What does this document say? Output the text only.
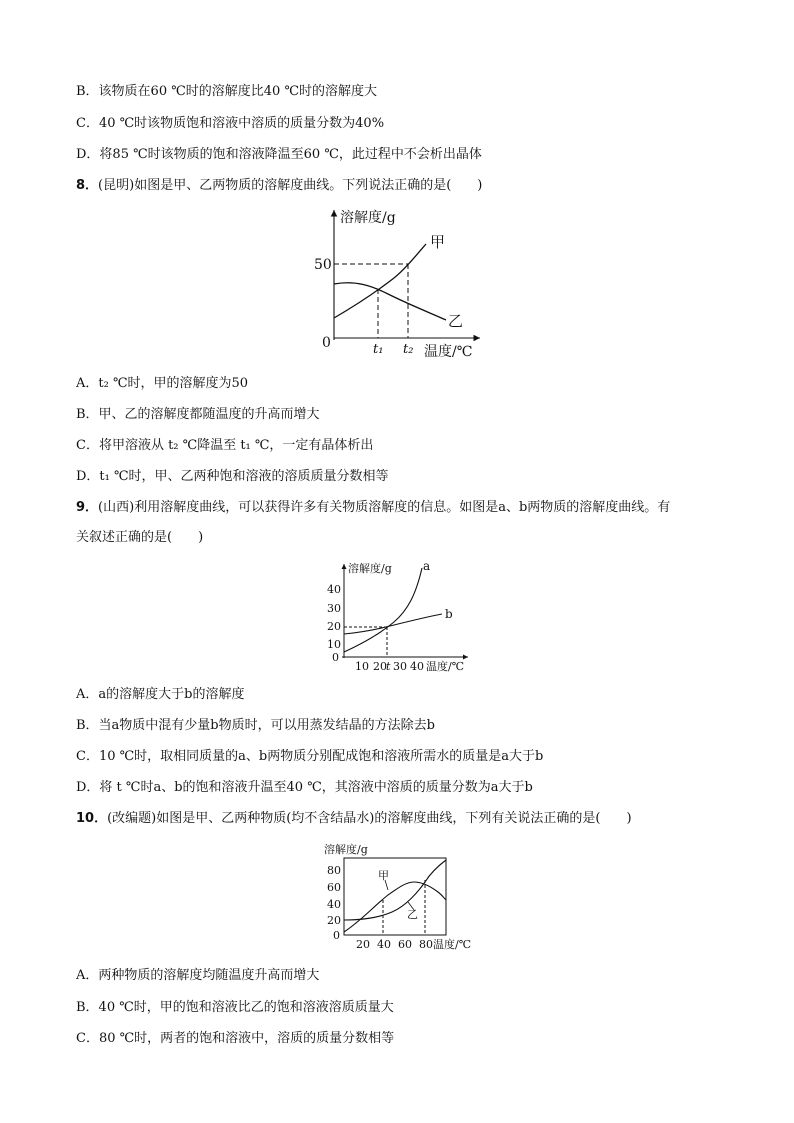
B．该物质在60 ℃时的溶解度比40 ℃时的溶解度大
C．40 ℃时该物质饱和溶液中溶质的质量分数为40%
D．将85 ℃时该物质的饱和溶液降温至60 ℃，此过程中不会析出晶体
8．(昆明)如图是甲、乙两物质的溶解度曲线。下列说法正确的是(　　)
溶解度/g
温度/℃
0
50
甲
乙
t₁ t₂
A．t₂ ℃时，甲的溶解度为50
B．甲、乙的溶解度都随温度的升高而增大
C．将甲溶液从 t₂ ℃降温至 t₁ ℃，一定有晶体析出
D．t₁ ℃时，甲、乙两种饱和溶液的溶质质量分数相等
9．(山西)利用溶解度曲线，可以获得许多有关物质溶解度的信息。如图是a、b两物质的溶解度曲线。有
关叙述正确的是(　　)
溶解度/g
温度/℃
40
30
20
10
0
10 20 t 30 40
a
b
A．a的溶解度大于b的溶解度
B．当a物质中混有少量b物质时，可以用蒸发结晶的方法除去b
C．10 ℃时，取相同质量的a、b两物质分别配成饱和溶液所需水的质量是a大于b
D．将 t ℃时a、b的饱和溶液升温至40 ℃，其溶液中溶质的质量分数为a大于b
10．(改编题)如图是甲、乙两种物质(均不含结晶水)的溶解度曲线，下列有关说法正确的是(　　)
溶解度/g
80
60
40
20
0
20 40 60 80 温度/℃
甲
乙
A．两种物质的溶解度均随温度升高而增大
B．40 ℃时，甲的饱和溶液比乙的饱和溶液溶质质量大
C．80 ℃时，两者的饱和溶液中，溶质的质量分数相等
